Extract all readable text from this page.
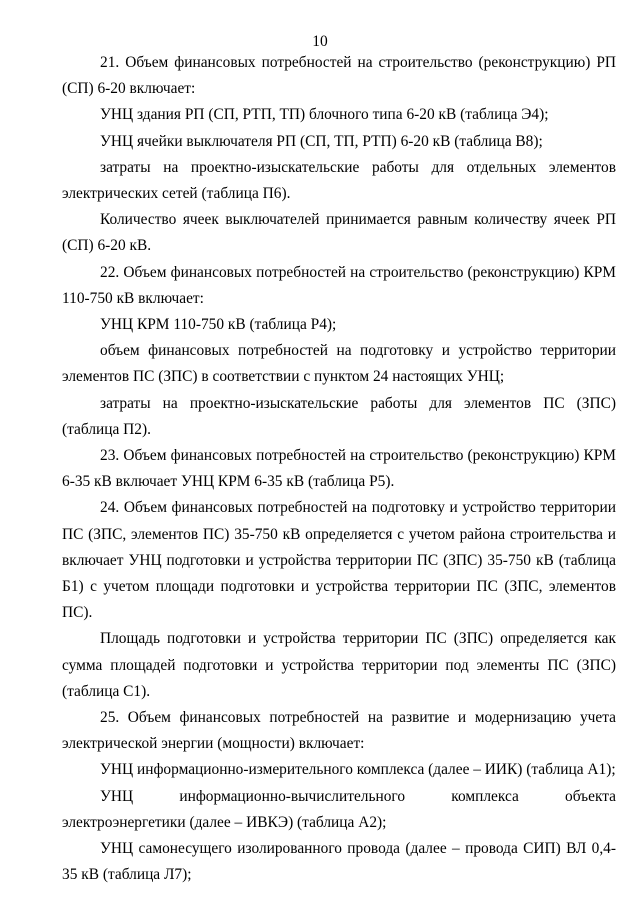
10

21. Объем финансовых потребностей на строительство (реконструкцию) РП (СП) 6-20 включает:

УНЦ здания РП (СП, РТП, ТП) блочного типа 6-20 кВ (таблица Э4);

УНЦ ячейки выключателя РП (СП, ТП, РТП) 6-20 кВ (таблица В8);

затраты на проектно-изыскательские работы для отдельных элементов электрических сетей (таблица П6).

Количество ячеек выключателей принимается равным количеству ячеек РП (СП) 6-20 кВ.

22. Объем финансовых потребностей на строительство (реконструкцию) КРМ 110-750 кВ включает:

УНЦ КРМ 110-750 кВ (таблица Р4);

объем финансовых потребностей на подготовку и устройство территории элементов ПС (ЗПС) в соответствии с пунктом 24 настоящих УНЦ;

затраты на проектно-изыскательские работы для элементов ПС (ЗПС) (таблица П2).

23. Объем финансовых потребностей на строительство (реконструкцию) КРМ 6-35 кВ включает УНЦ КРМ 6-35 кВ (таблица Р5).

24. Объем финансовых потребностей на подготовку и устройство территории ПС (ЗПС, элементов ПС) 35-750 кВ определяется с учетом района строительства и включает УНЦ подготовки и устройства территории ПС (ЗПС) 35-750 кВ (таблица Б1) с учетом площади подготовки и устройства территории ПС (ЗПС, элементов ПС).

Площадь подготовки и устройства территории ПС (ЗПС) определяется как сумма площадей подготовки и устройства территории под элементы ПС (ЗПС) (таблица С1).

25. Объем финансовых потребностей на развитие и модернизацию учета электрической энергии (мощности) включает:

УНЦ информационно-измерительного комплекса (далее – ИИК) (таблица А1);

УНЦ информационно-вычислительного комплекса объекта электроэнергетики (далее – ИВКЭ) (таблица А2);

УНЦ самонесущего изолированного провода (далее – провода СИП) ВЛ 0,4-35 кВ (таблица Л7);
